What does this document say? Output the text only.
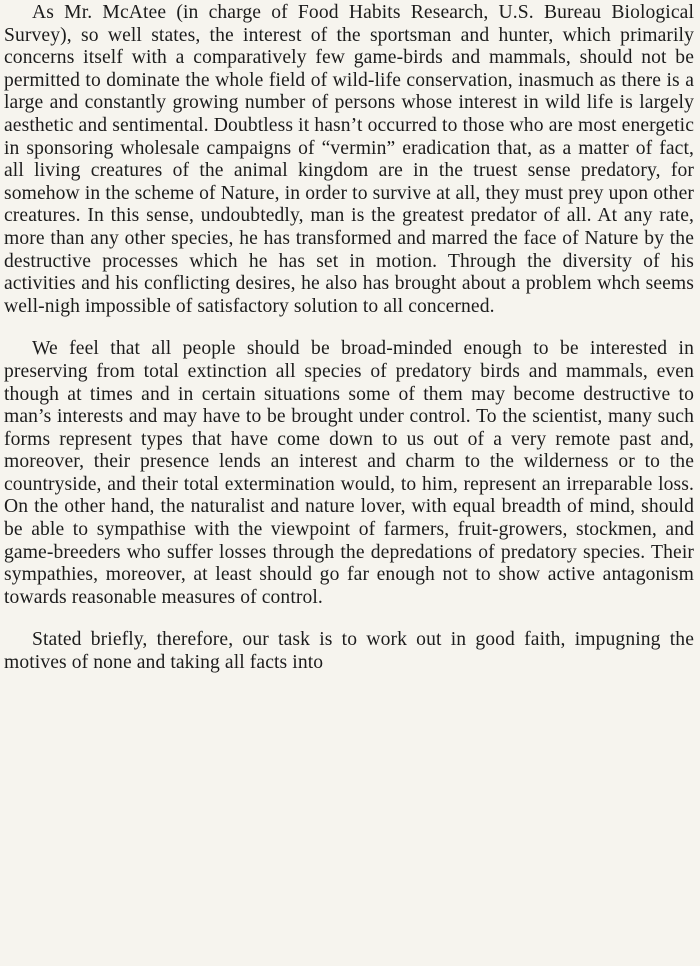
As Mr. McAtee (in charge of Food Habits Research, U.S. Bureau Biological Survey), so well states, the interest of the sportsman and hunter, which primarily concerns itself with a comparatively few game-birds and mammals, should not be permitted to dominate the whole field of wild-life conservation, inasmuch as there is a large and constantly growing number of persons whose interest in wild life is largely aesthetic and sentimental. Doubtless it hasn’t occurred to those who are most energetic in sponsoring wholesale campaigns of “vermin” eradication that, as a matter of fact, all living creatures of the animal kingdom are in the truest sense predatory, for somehow in the scheme of Nature, in order to survive at all, they must prey upon other creatures. In this sense, undoubtedly, man is the greatest predator of all. At any rate, more than any other species, he has transformed and marred the face of Nature by the destructive processes which he has set in motion. Through the diversity of his activities and his conflicting desires, he also has brought about a problem whch seems well-nigh impossible of satisfactory solution to all concerned.

We feel that all people should be broad-minded enough to be interested in preserving from total extinction all species of predatory birds and mammals, even though at times and in certain situations some of them may become destructive to man’s interests and may have to be brought under control. To the scientist, many such forms represent types that have come down to us out of a very remote past and, moreover, their presence lends an interest and charm to the wilderness or to the countryside, and their total extermination would, to him, represent an irreparable loss. On the other hand, the naturalist and nature lover, with equal breadth of mind, should be able to sympathise with the viewpoint of farmers, fruit-growers, stockmen, and game-breeders who suffer losses through the depredations of predatory species. Their sympathies, moreover, at least should go far enough not to show active antagonism towards reasonable measures of control.

Stated briefly, therefore, our task is to work out in good faith, impugning the motives of none and taking all facts into
